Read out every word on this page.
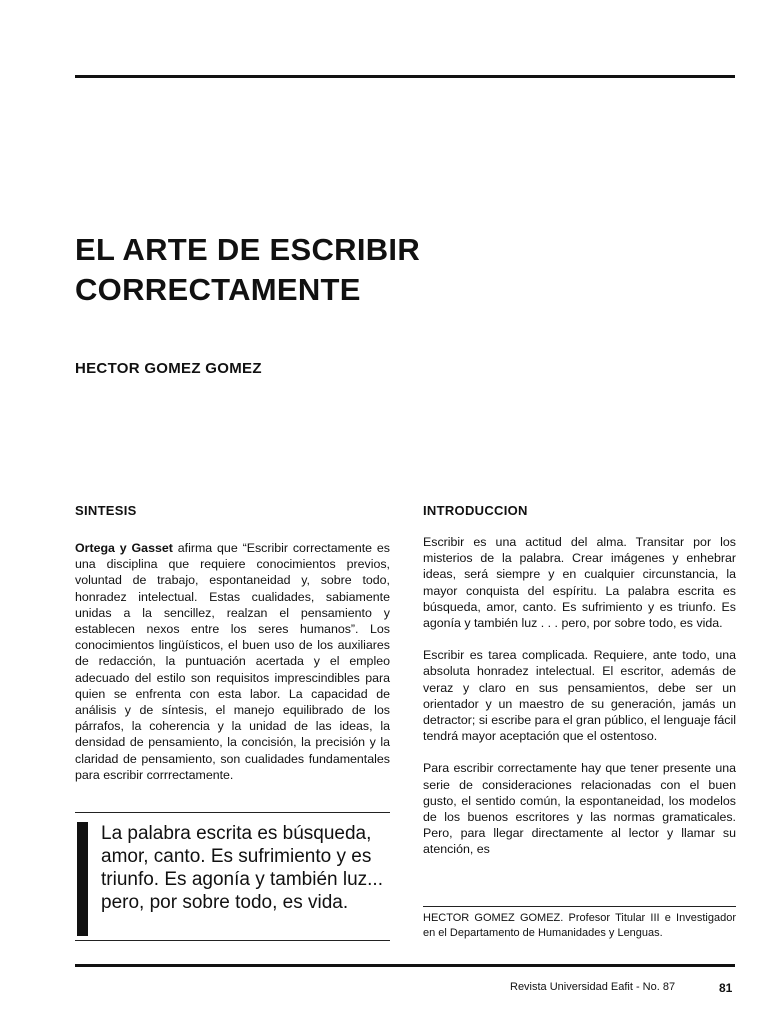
EL ARTE DE ESCRIBIR
CORRECTAMENTE

HECTOR GOMEZ GOMEZ

SINTESIS	INTRODUCCION

Ortega y Gasset afirma que “Escribir correctamente es una disciplina que requiere conocimientos previos, voluntad de trabajo, espontaneidad y, sobre todo, honradez intelectual. Estas cualidades, sabiamente unidas a la sencillez, realzan el pensamiento y establecen nexos entre los seres humanos”. Los conocimientos lingüísticos, el buen uso de los auxiliares de redacción, la puntuación acertada y el empleo adecuado del estilo son requisitos imprescindibles para quien se enfrenta con esta labor. La capacidad de análisis y de síntesis, el manejo equilibrado de los párrafos, la coherencia y la unidad de las ideas, la densidad de pensamiento, la concisión, la precisión y la claridad de pensamiento, son cualidades fundamentales para escribir corrrectamente.

La palabra escrita es búsqueda, amor, canto. Es sufrimiento y es triunfo. Es agonía y también luz... pero, por sobre todo, es vida.

Escribir es una actitud del alma. Transitar por los misterios de la palabra. Crear imágenes y enhebrar ideas, será siempre y en cualquier circunstancia, la mayor conquista del espíritu. La palabra escrita es búsqueda, amor, canto. Es sufrimiento y es triunfo. Es agonía y también luz . . . pero, por sobre todo, es vida.

Escribir es tarea complicada. Requiere, ante todo, una absoluta honradez intelectual. El escritor, además de veraz y claro en sus pensamientos, debe ser un orientador y un maestro de su generación, jamás un detractor; si escribe para el gran público, el lenguaje fácil tendrá mayor aceptación que el ostentoso.

Para escribir correctamente hay que tener presente una serie de consideraciones relacionadas con el buen gusto, el sentido común, la espontaneidad, los modelos de los buenos escritores y las normas gramaticales. Pero, para llegar directamente al lector y llamar su atención, es

HECTOR GOMEZ GOMEZ. Profesor Titular III e Investigador en el Departamento de Humanidades y Lenguas.

Revista Universidad Eafit - No. 87	81
